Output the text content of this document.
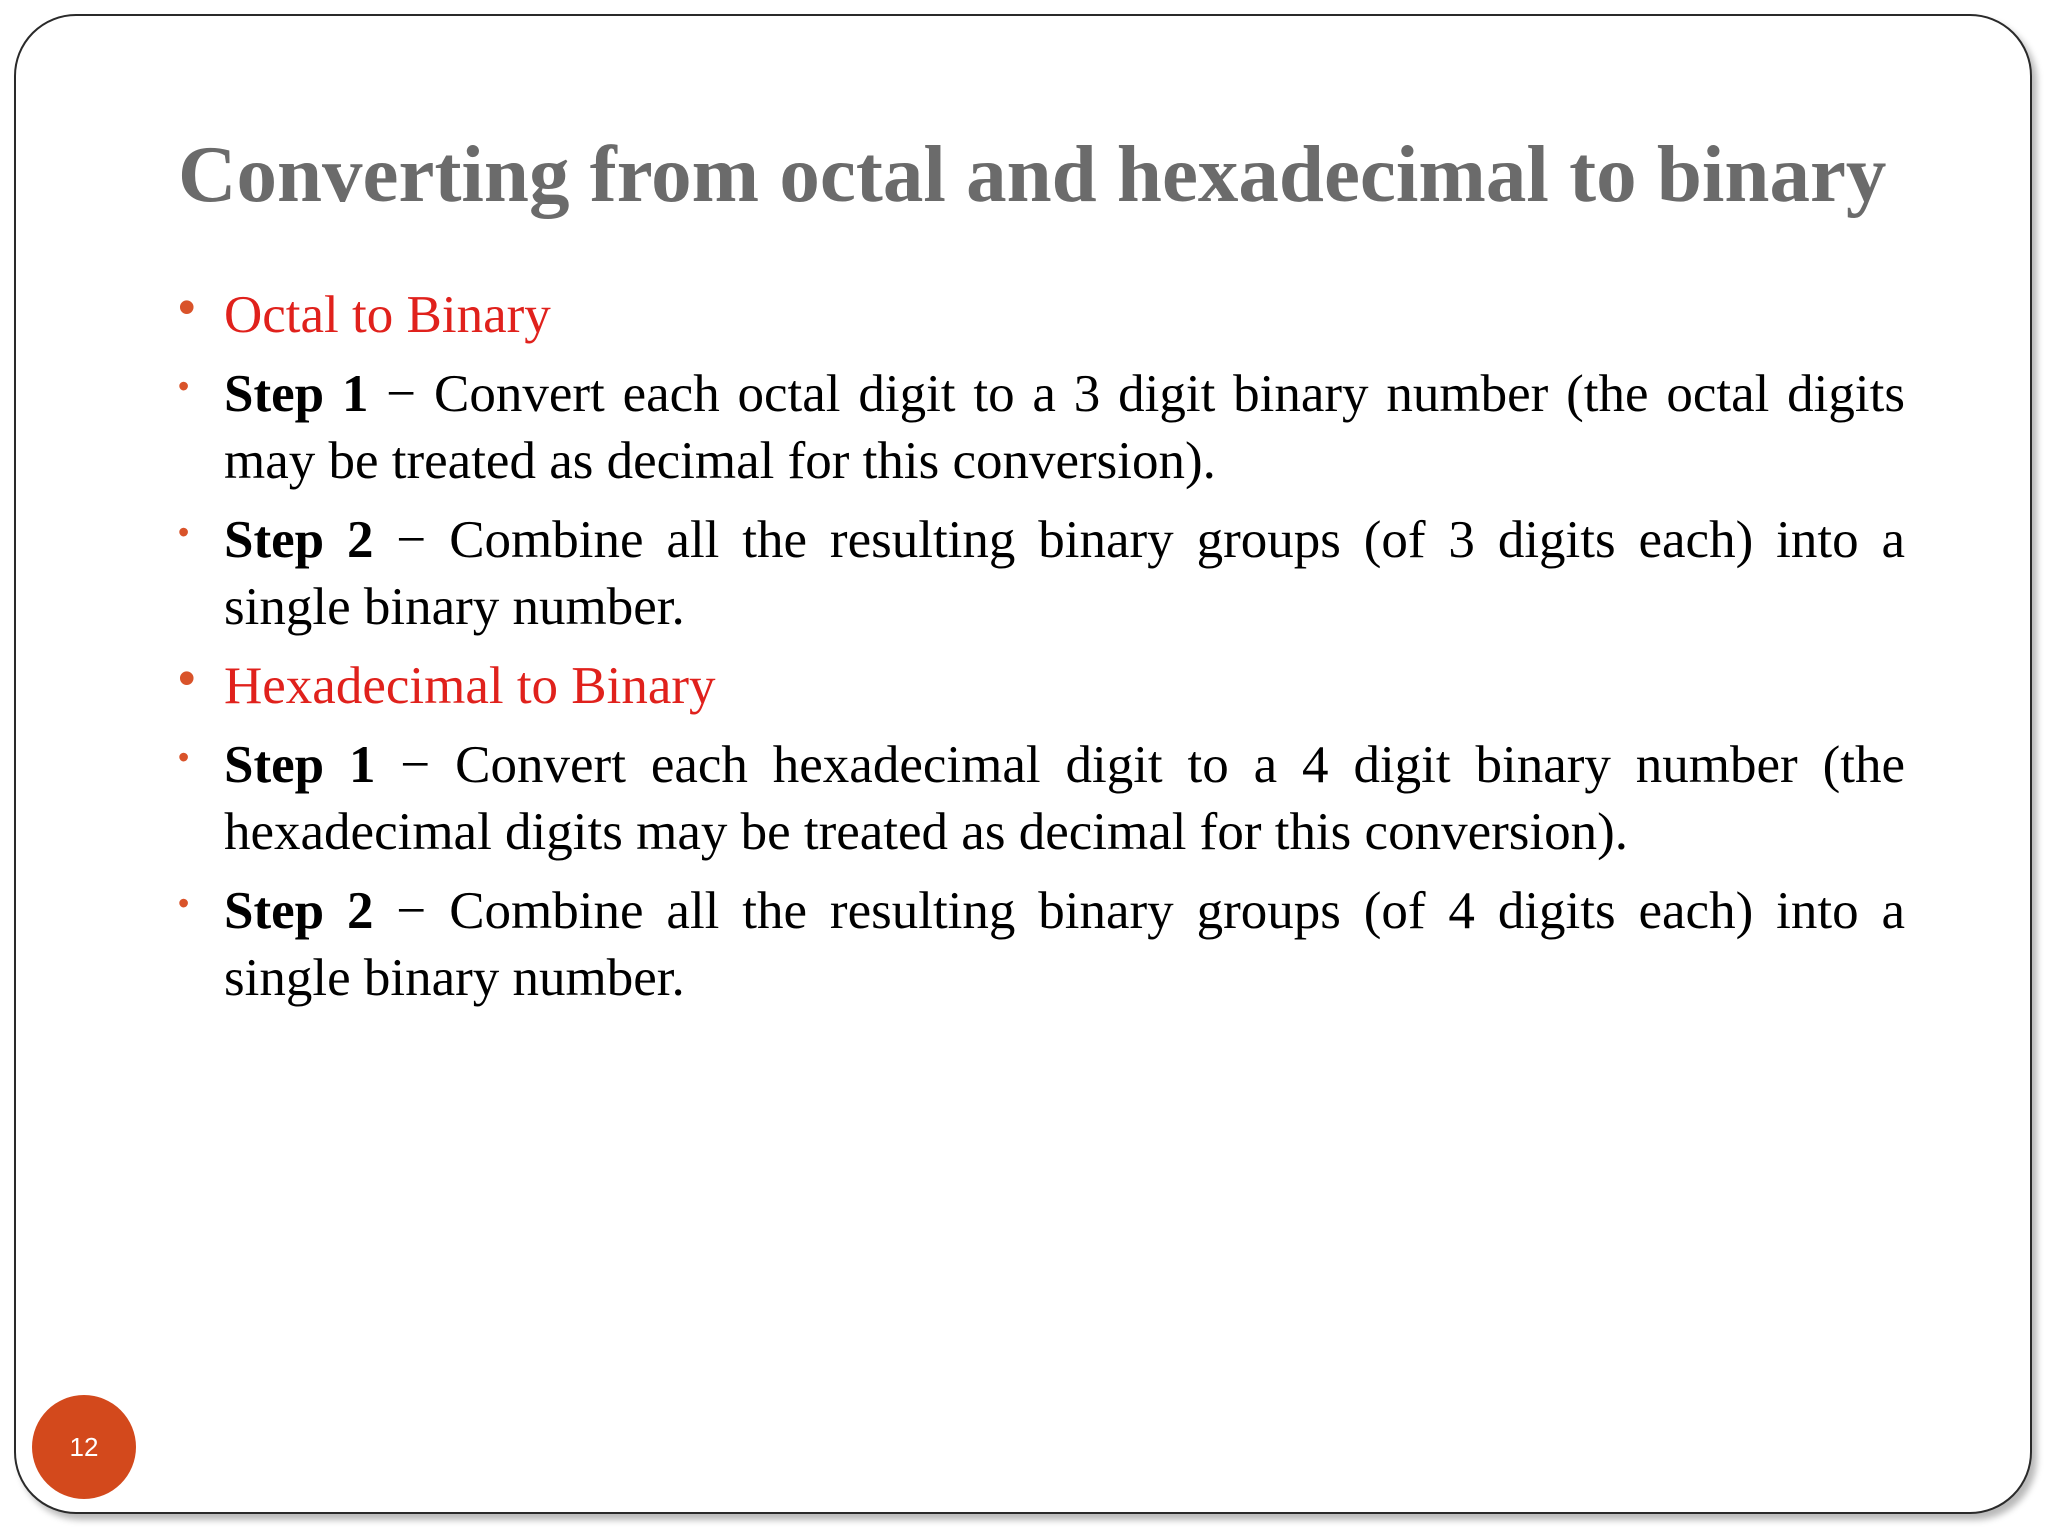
Converting from octal and hexadecimal to binary
• Octal to Binary
• Step 1 − Convert each octal digit to a 3 digit binary number (the octal digits may be treated as decimal for this conversion).
• Step 2 − Combine all the resulting binary groups (of 3 digits each) into a single binary number.
• Hexadecimal to Binary
• Step 1 − Convert each hexadecimal digit to a 4 digit binary number (the hexadecimal digits may be treated as decimal for this conversion).
• Step 2 − Combine all the resulting binary groups (of 4 digits each) into a single binary number.
12
